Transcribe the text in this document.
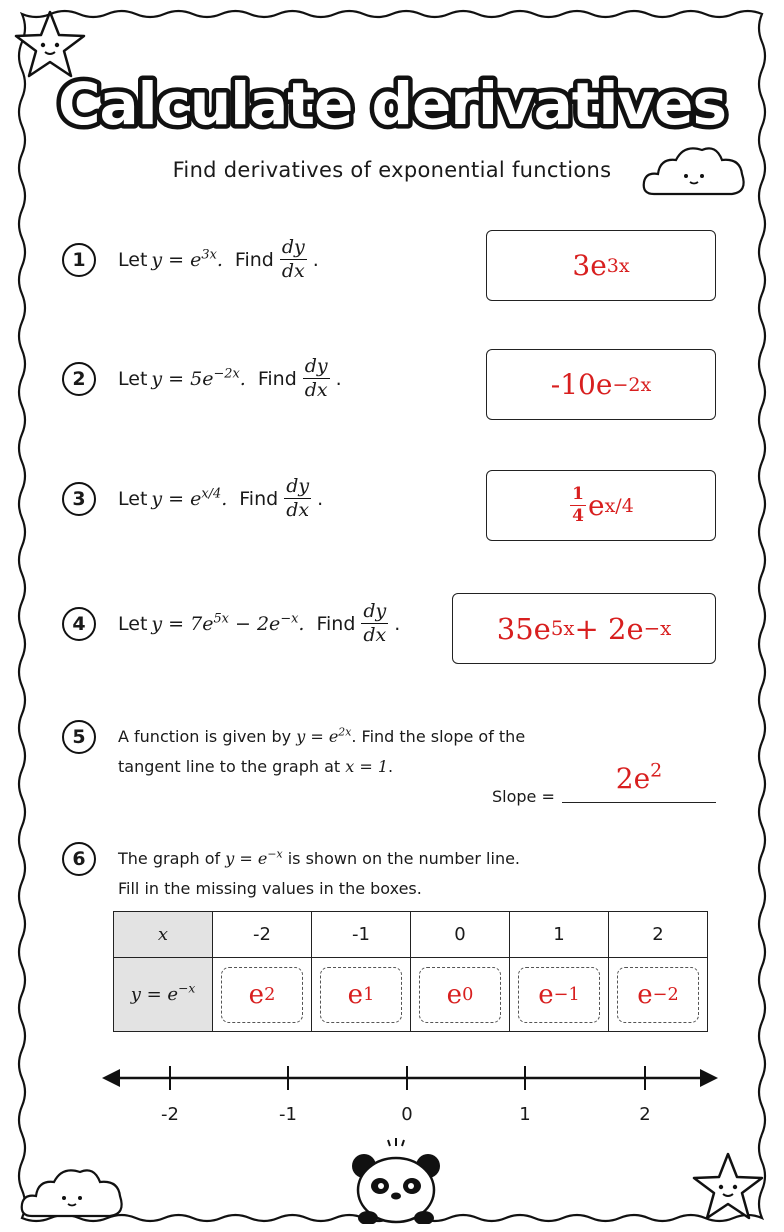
Calculate derivatives
Find derivatives of exponential functions
1	Let $y = e^{3x}$. Find $\frac{dy}{dx}$ .	3e 3x
2	Let $y = 5e^{-2x}$. Find $\frac{dy}{dx}$ .	-10e −2x
3	Let $y = e^{x/4}$. Find $\frac{dy}{dx}$ .	$\frac{1}{4}$ e x/4
4	Let $y = 7e^{5x} - 2e^{-x}$. Find $\frac{dy}{dx}$ .	35e 5x + 2e −x
5	A function is given by $y = e^{2x}$. Find the slope of the
tangent line to the graph at x = 1.
Slope =
$2e^2$
6	The graph of $y = e^{-x}$ is shown on the number line.
Fill in the missing values in the boxes.
x	-2	-1	0	1	2
$y = e^{-x}$	e 2	e 1	e 0	e −1	e −2
-2	-1	0	1	2
